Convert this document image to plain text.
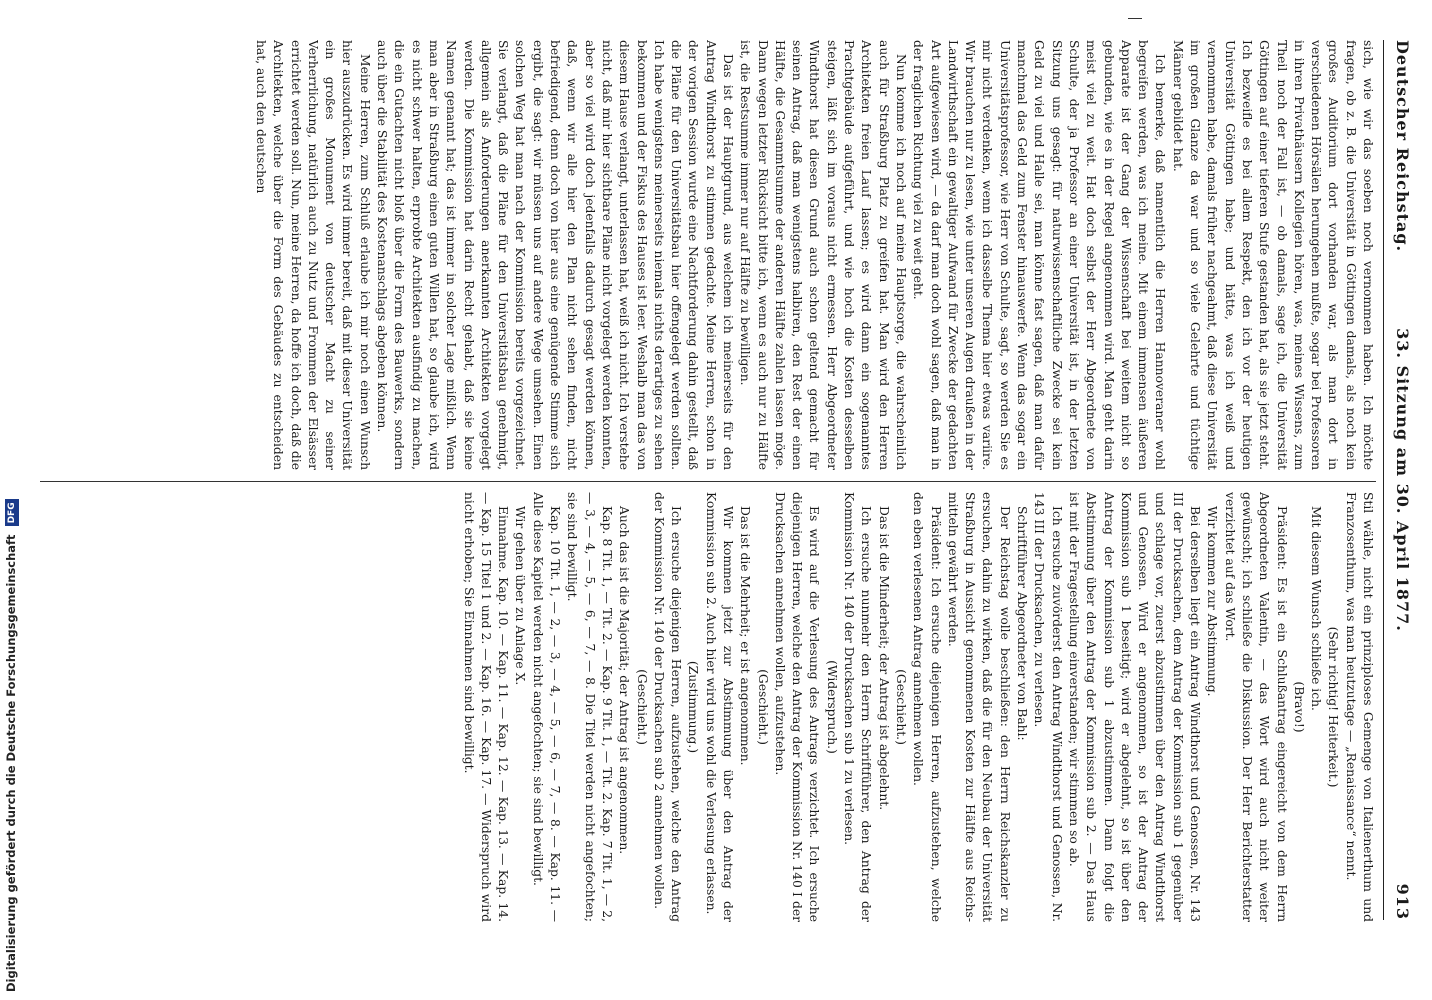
Deutscher Reichstag.
33. Sitzung am 30. April 1877.
913

sich, wie wir das soeben noch vernommen haben. Ich möchte fragen, ob z. B. die Universität in Göttingen damals, als noch kein großes Auditorium dort vorhanden war, als man dort in verschiedenen Hörsälen herumgehen mußte, sogar bei Professoren in ihren Privathäusern Kollegien hören, was, meines Wissens, zum Theil noch der Fall ist, — ob damals, sage ich, die Universität Göttingen auf einer tieferen Stufe gestanden hat, als sie jetzt steht. Ich bezweifle es bei allem Respekt, den ich vor der heutigen Universität Göttingen habe; und hätte, was ich weiß und vernommen habe, damals früher nachgeahmt, daß diese Universität im großen Glanze da war und so viele Gelehrte und tüchtige Männer gebildet hat.

Ich bemerke, daß namentlich die Herren Hannoveraner wohl begreifen werden, was ich meine. Mit einem immensen äußeren Apparate ist der Gang der Wissenschaft bei weitem nicht so gebunden, wie es in der Regel angenommen wird. Man geht darin meist viel zu weit. Hat doch selbst der Herr Abgeordnete von Schulte, der ja Professor an einer Universität ist, in der letzten Sitzung uns gesagt: für naturwissenschaftliche Zwecke sei kein Geld zu viel und Halle sei, man könne fast sagen, daß man dafür manchmal das Geld zum Fenster hinauswerfe. Wenn das sogar ein Universitätsprofessor, wie Herr von Schulte, sagt, so werden Sie es mir nicht verdenken, wenn ich dasselbe Thema hier etwas variire. Wir brauchen nur zu lesen, wie unter unseren Augen draußen in der Landwirthschaft ein gewaltiger Aufwand für Zwecke der gedachten Art aufgewiesen wird, — da darf man doch wohl sagen, daß man in der fraglichen Richtung viel zu weit geht.

Nun komme ich noch auf meine Hauptsorge, die wahrscheinlich auch für Straßburg Platz zu greifen hat. Man wird den Herren Architekten freien Lauf lassen; es wird dann ein sogenanntes Prachtgebäude aufgeführt, und wie hoch die Kosten desselben steigen, läßt sich im voraus nicht ermessen. Herr Abgeordneter Windthorst hat diesen Grund auch schon geltend gemacht für seinen Antrag, daß man wenigstens halbiren, den Rest der einen Hälfte, die Gesammtsumme der anderen Hälfte zahlen lassen möge. Dann wegen letzter Rücksicht bitte ich, wenn es auch nur zu Hälfte ist, die Restsumme immer nur auf Hälfte zu bewilligen.

Das ist der Hauptgrund, aus welchem ich meinerseits für den Antrag Windthorst zu stimmen gedachte. Meine Herren, schon in der vorigen Session wurde eine Nachtforderung dahin gestellt, daß die Pläne für den Universitätsbau hier offengelegt werden sollten. Ich habe wenigstens meinerseits niemals nichts derartiges zu sehen bekommen und der Fiskus des Hauses ist leer. Weshalb man das von diesem Hause verlangt, unterlassen hat, weiß ich nicht. Ich verstehe nicht, daß mir hier sichtbare Pläne nicht vorgelegt werden konnten, aber so viel wird doch jedenfalls dadurch gesagt werden können, daß, wenn wir alle hier den Plan nicht sehen finden, nicht befriedigend, denn doch von hier aus eine genügende Stimme sich ergibt, die sagt: wir müssen uns auf andere Wege umsehen. Einen solchen Weg hat man nach der Kommission bereits vorgezeichnet. Sie verlangt, daß die Pläne für den Universitätsbau genehmigt, allgemein als Anforderungen anerkannten Architekten vorgelegt werden. Die Kommission hat darin Recht gehabt, daß sie keine Namen genannt hat; das ist immer in solcher Lage mißlich. Wenn man aber in Straßburg einen guten Willen hat, so glaube ich, wird es nicht schwer halten, erprobte Architekten ausfindig zu machen, die ein Gutachten nicht bloß über die Form des Bauwerks, sondern auch über die Stabilität des Kostenanschlags abgeben können.

Meine Herren, zum Schluß erlaube ich mir noch einen Wunsch hier auszudrücken. Es wird immer bereit, daß mit dieser Universität ein großes Monument von deutscher Macht zu seiner Verherrlichung, natürlich auch zu Nutz und Frommen der Elsässer errichtet werden soll. Nun, meine Herren, da hoffe ich doch, daß die Architekten, welche über die Form des Gebäudes zu entscheiden hat, auch den deutschen

Stil wähle, nicht ein prinziploses Gemenge von Italienerthum und Franzosenthum, was man heutzutage — „Renaissance“ nennt.

(Sehr richtig! Heiterkeit.)

Mit diesem Wunsch schließe ich.

(Bravo!)

Präsident: Es ist ein Schlußantrag eingereicht von dem Herrn Abgeordneten Valentin, — das Wort wird auch nicht weiter gewünscht; ich schließe die Diskussion. Der Herr Berichterstatter verzichtet auf das Wort.

Wir kommen zur Abstimmung.

Bei derselben liegt ein Antrag Windthorst und Genossen, Nr. 143 III der Drucksachen, dem Antrag der Kommission sub 1 gegenüber und schlage vor, zuerst abzustimmen über den Antrag Windthorst und Genossen. Wird er angenommen, so ist der Antrag der Kommission sub 1 beseitigt; wird er abgelehnt, so ist über den Antrag der Kommission sub 1 abzustimmen. Dann folgt die Abstimmung über den Antrag der Kommission sub 2. — Das Haus ist mit der Fragestellung einverstanden; wir stimmen so ab.

Ich ersuche zuvörderst den Antrag Windthorst und Genossen, Nr. 143 III der Drucksachen, zu verlesen.

Schriftführer Abgeordneter von Bahl:

Der Reichstag wolle beschließen: den Herrn Reichskanzler zu ersuchen, dahin zu wirken, daß die für den Neubau der Universität Straßburg in Aussicht genommenen Kosten zur Hälfte aus Reichsmitteln gewährt werden.

Präsident: Ich ersuche diejenigen Herren, aufzustehen, welche den eben verlesenen Antrag annehmen wollen.

(Geschieht.)

Das ist die Minderheit; der Antrag ist abgelehnt.

Ich ersuche nunmehr den Herrn Schriftführer, den Antrag der Kommission Nr. 140 der Drucksachen sub 1 zu verlesen.

(Widerspruch.)

Es wird auf die Verlesung des Antrags verzichtet. Ich ersuche diejenigen Herren, welche den Antrag der Kommission Nr. 140 I der Drucksachen annehmen wollen, aufzustehen.

(Geschieht.)

Das ist die Mehrheit; er ist angenommen.

Wir kommen jetzt zur Abstimmung über den Antrag der Kommission sub 2. Auch hier wird uns wohl die Verlesung erlassen.

(Zustimmung.)

Ich ersuche diejenigen Herren, aufzustehen, welche den Antrag der Kommission Nr. 140 der Drucksachen sub 2 annehmen wollen.

(Geschieht.)

Auch das ist die Majorität; der Antrag ist angenommen.

Kap. 8 Tit. 1, — Tit. 2. — Kap. 9 Tit. 1, — Tit. 2. Kap. 7 Tit. 1, — 2, — 3, — 4, — 5, — 6, — 7, — 8. Die Titel werden nicht angefochten; sie sind bewilligt.

Kap. 10 Tit. 1, — 2, — 3, — 4, — 5, — 6, — 7, — 8. — Kap. 11. — Alle diese Kapitel werden nicht angefochten; sie sind bewilligt.

Wir gehen über zu Anlage X.

Einnahme. Kap. 10. — Kap. 11. — Kap. 12. — Kap. 13. — Kap. 14. — Kap. 15 Titel 1 und 2. — Kap. 16. — Kap. 17. — Widerspruch wird nicht erhoben; Sie Einnahmen sind bewilligt.

Digitalisierung gefördert durch die Deutsche Forschungsgemeinschaft DFG
